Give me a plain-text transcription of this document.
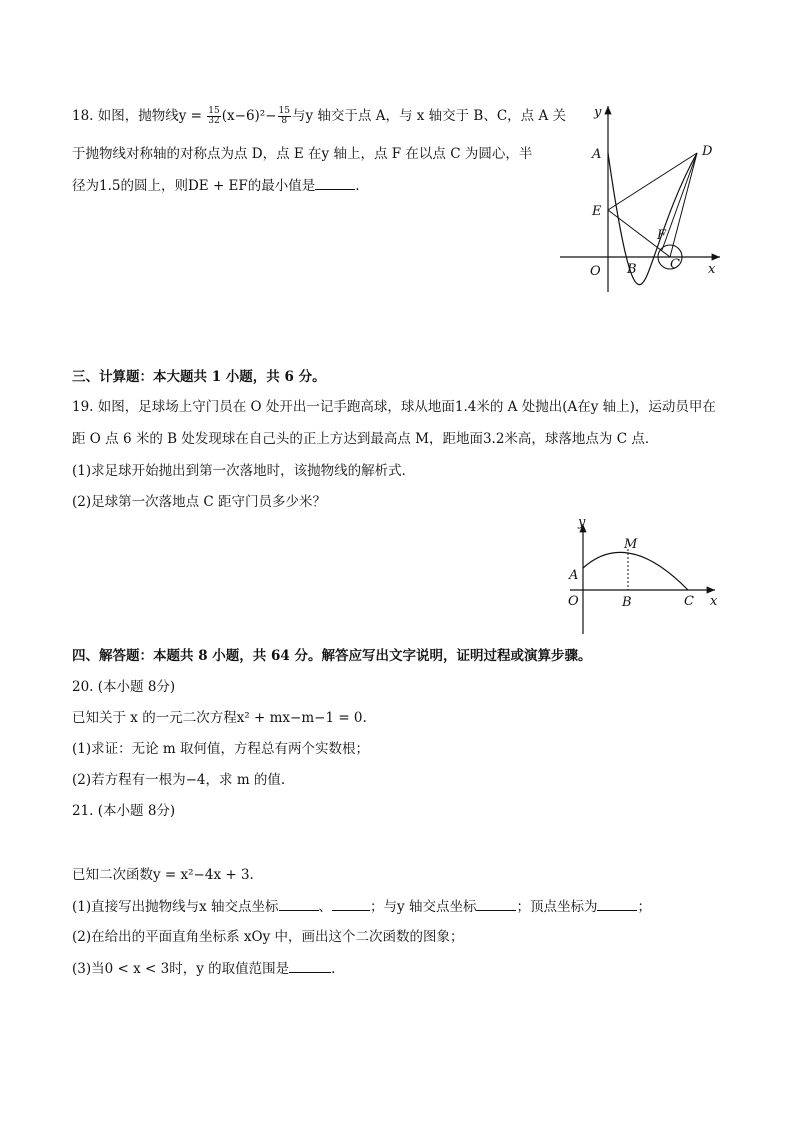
18. 如图，抛物线$y = \frac{15}{32} (x-6)^2- \frac{15}{8}$ 与y 轴交于点 A，与 x 轴交于 B、C，点 A 关
于抛物线对称轴的对称点为点 D，点 E 在y 轴上，点 F 在以点 C 为圆心，半
径为1.5的圆上，则DE + EF的最小值是	.
y
A	D
E
F
O B	C x
三、计算题：本大题共 1 小题，共 6 分。
19. 如图，足球场上守门员在 O 处开出一记手跑高球，球从地面1.4米的 A 处抛出(A在y 轴上)，运动员甲在
距 O 点 6 米的 B 处发现球在自己头的正上方达到最高点 M，距地面3.2米高，球落地点为 C 点．
(1)求足球开始抛出到第一次落地时，该抛物线的解析式．
(2)足球第一次落地点 C 距守门员多少米？
y
M
A
O	B	C x
四、解答题：本题共 8 小题，共 64 分。解答应写出文字说明，证明过程或演算步骤。
20. (本小题 8分)
已知关于 x 的一元二次方程x² + mx−m−1 = 0.
(1)求证：无论 m 取何值，方程总有两个实数根；
(2)若方程有一根为−4，求 m 的值.
21. (本小题 8分)
已知二次函数y = x²−4x + 3.
(1)直接写出抛物线与x 轴交点坐标	、	；与y 轴交点坐标	；顶点坐标为	；
(2)在给出的平面直角坐标系 xOy 中，画出这个二次函数的图象；
(3)当0 < x < 3时，y 的取值范围是	.
